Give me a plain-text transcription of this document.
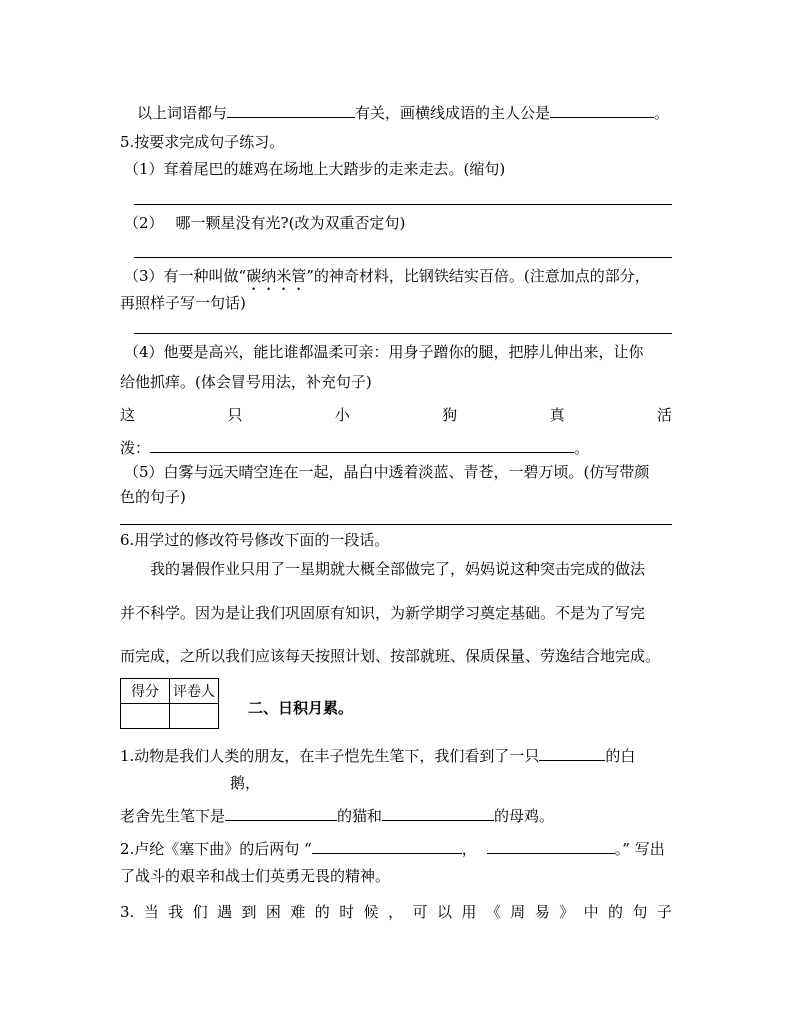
以上词语都与	有关，画横线成语的主人公是	。
5.按要求完成句子练习。
（1）耷着尾巴的雄鸡在场地上大踏步的走来走去。(缩句)
（2） 哪一颗星没有光?(改为双重否定句)
（3）有一种叫做“碳纳米管”的神奇材料，比钢铁结实百倍。(注意加点的部分，
再照样子写一句话)
（4）他要是高兴，能比谁都温柔可亲：用身子蹭你的腿，把脖儿伸出来，让你
给他抓痒。(体会冒号用法，补充句子)
这	只	小	狗	真	活
泼：	。
（5）白雾与远天晴空连在一起，晶白中透着淡蓝、青苍，一碧万顷。(仿写带颜
色的句子)
6.用学过的修改符号修改下面的一段话。
我的暑假作业只用了一星期就大概全部做完了，妈妈说这种突击完成的做法
并不科学。因为是让我们巩固原有知识，为新学期学习奠定基础。不是为了写完
而完成，之所以我们应该每天按照计划、按部就班、保质保量、劳逸结合地完成。
得分	评卷人

二、日积月累。
1.动物是我们人类的朋友，在丰子恺先生笔下，我们看到了一只	的白
鹅，
老舍先生笔下是	的猫和	的母鸡。
2.卢纶《塞下曲》的后两句 “	，	。” 写出
了战斗的艰辛和战士们英勇无畏的精神。
3. 当 我 们 遇 到 困 难 的 时 候 ， 可 以 用 《 周 易 》 中 的 句 子
